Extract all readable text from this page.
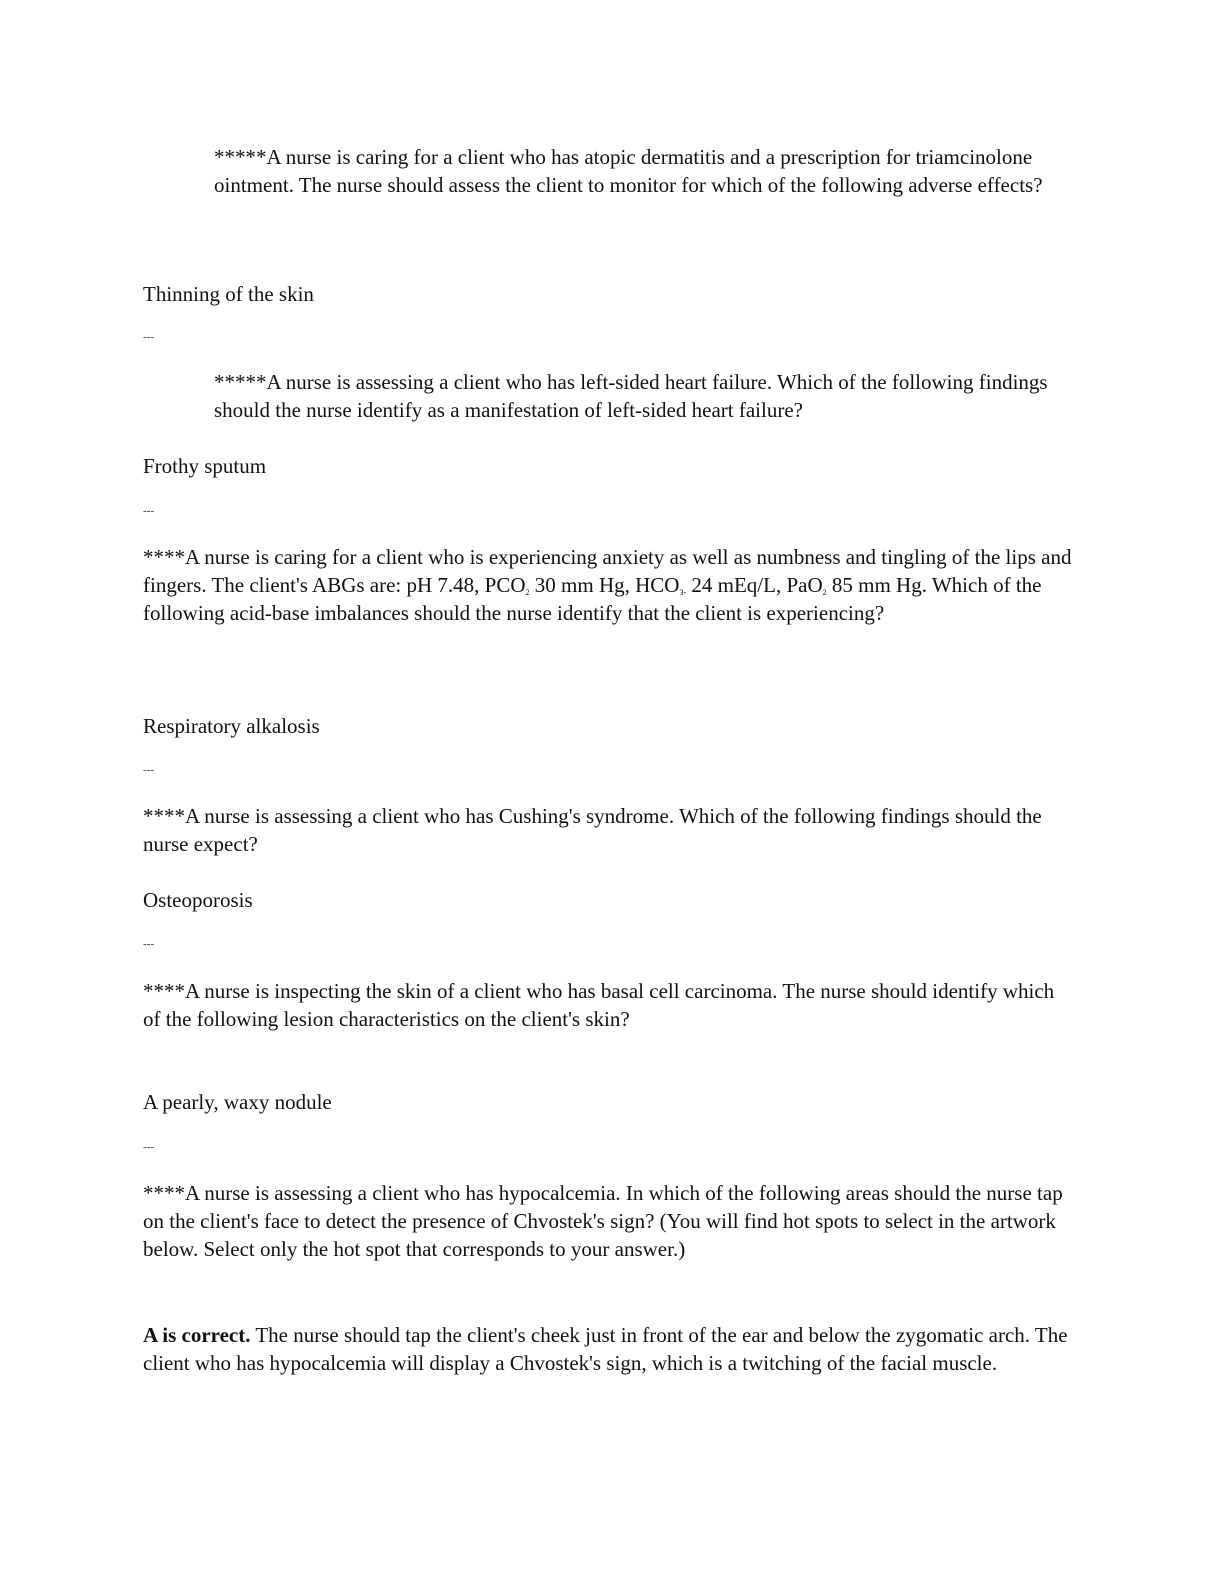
*****A nurse is caring for a client who has atopic dermatitis and a prescription for triamcinolone ointment. The nurse should assess the client to monitor for which of the following adverse effects?

Thinning of the skin

---

*****A nurse is assessing a client who has left-sided heart failure. Which of the following findings should the nurse identify as a manifestation of left-sided heart failure?

Frothy sputum

---

****A nurse is caring for a client who is experiencing anxiety as well as numbness and tingling of the lips and fingers. The client's ABGs are: pH 7.48, $PCO_2$ 30 mm Hg, $HCO_{3-}$ 24 mEq/L, PaO$_2$ 85 mm Hg. Which of the following acid-base imbalances should the nurse identify that the client is experiencing?

Respiratory alkalosis

---

****A nurse is assessing a client who has Cushing's syndrome. Which of the following findings should the nurse expect?

Osteoporosis

---

****A nurse is inspecting the skin of a client who has basal cell carcinoma. The nurse should identify which of the following lesion characteristics on the client's skin?

A pearly, waxy nodule

---

****A nurse is assessing a client who has hypocalcemia. In which of the following areas should the nurse tap on the client's face to detect the presence of Chvostek's sign? (You will find hot spots to select in the artwork below. Select only the hot spot that corresponds to your answer.)

A is correct. The nurse should tap the client's cheek just in front of the ear and below the zygomatic arch. The client who has hypocalcemia will display a Chvostek's sign, which is a twitching of the facial muscle.
